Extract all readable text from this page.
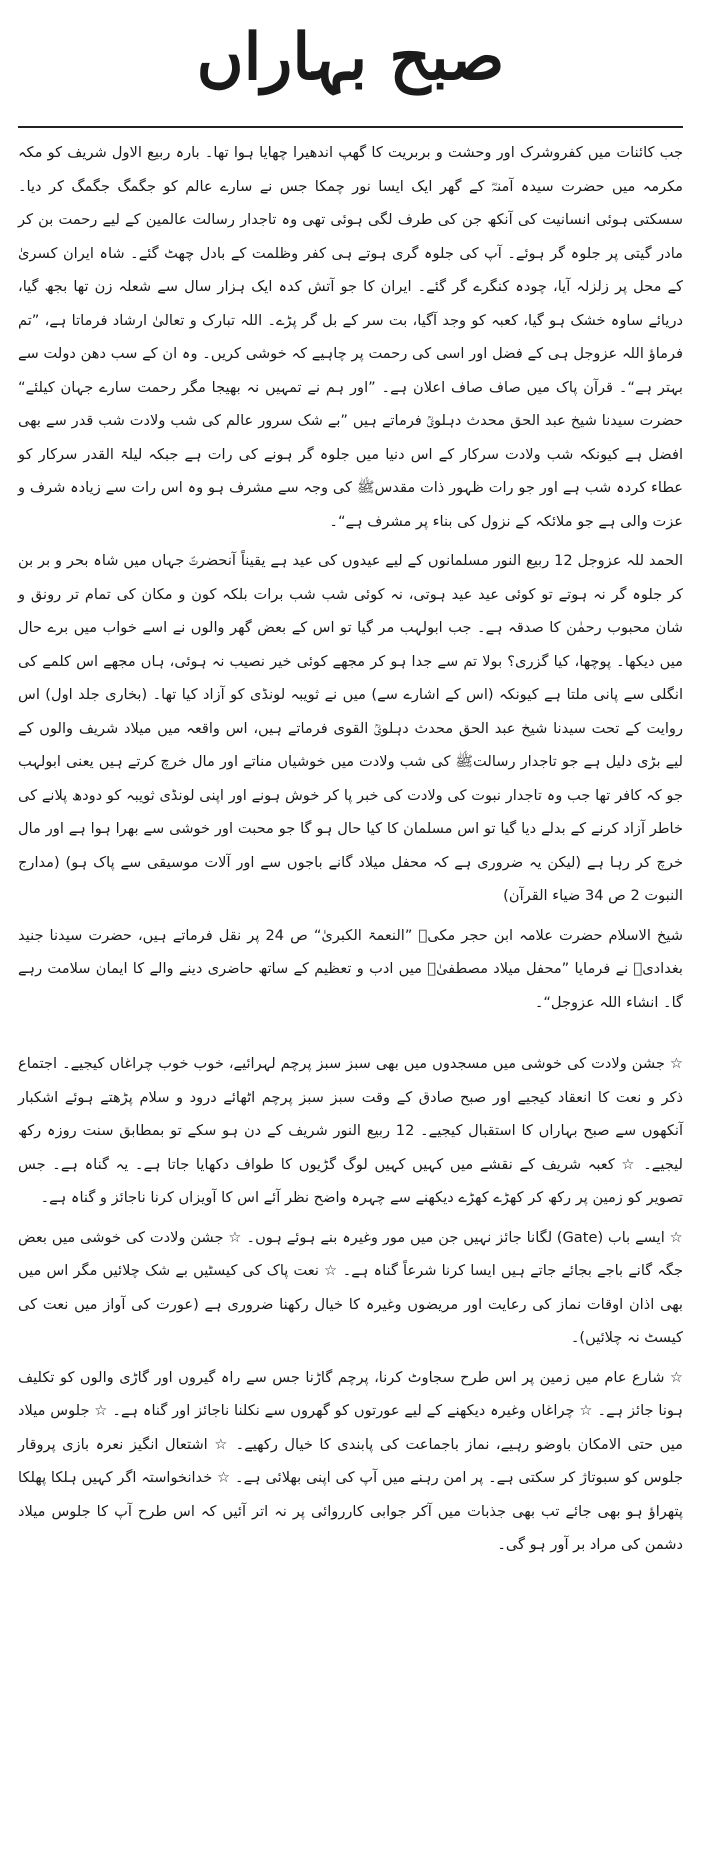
صبح بہاراں

جب کائنات میں کفروشرک اور وحشت و بربریت کا گھپ اندھیرا چھایا ہوا تھا۔ بارہ ربیع الاول شریف کو مکہ مکرمہ میں حضرت سیدہ آمنہؓ کے گھر ایک ایسا نور چمکا جس نے سارے عالم کو جگمگ جگمگ کر دیا۔ سسکتی ہوئی انسانیت کی آنکھ جن کی طرف لگی ہوئی تھی وہ تاجدار رسالت عالمین کے لیے رحمت بن کر مادر گیتی پر جلوہ گر ہوئے۔ آپ کی جلوہ گری ہوتے ہی کفر وظلمت کے بادل چھٹ گئے۔ شاہ ایران کسریٰ کے محل پر زلزلہ آیا، چودہ کنگرے گر گئے۔ ایران کا جو آتش کدہ ایک ہزار سال سے شعلہ زن تھا بجھ گیا، دریائے ساوہ خشک ہو گیا، کعبہ کو وجد آگیا، بت سر کے بل گر پڑے۔ اللہ تبارک و تعالیٰ ارشاد فرماتا ہے، ”تم فرماؤ اللہ عزوجل ہی کے فضل اور اسی کی رحمت پر چاہیے کہ خوشی کریں۔ وہ ان کے سب دھن دولت سے بہتر ہے“۔ قرآن پاک میں صاف صاف اعلان ہے۔ ”اور ہم نے تمہیں نہ بھیجا مگر رحمت سارے جہان کیلئے“ حضرت سیدنا شیخ عبد الحق محدث دہلویؒ فرماتے ہیں ”بے شک سرور عالم کی شب ولادت شب قدر سے بھی افضل ہے کیونکہ شب ولادت سرکار کے اس دنیا میں جلوہ گر ہونے کی رات ہے جبکہ لیلۃ القدر سرکار کو عطاء کردہ شب ہے اور جو رات ظہور ذات مقدسﷺ کی وجہ سے مشرف ہو وہ اس رات سے زیادہ شرف و عزت والی ہے جو ملائکہ کے نزول کی بناء پر مشرف ہے“۔

الحمد للہ عزوجل 12 ربیع النور مسلمانوں کے لیے عیدوں کی عید ہے یقیناً آنحضرتؐ جہاں میں شاہ بحر و بر بن کر جلوہ گر نہ ہوتے تو کوئی عید عید ہوتی، نہ کوئی شب شب برات بلکہ کون و مکان کی تمام تر رونق و شان محبوب رحمٰن کا صدقہ ہے۔ جب ابولہب مر گیا تو اس کے بعض گھر والوں نے اسے خواب میں برے حال میں دیکھا۔ پوچھا، کیا گزری؟ بولا تم سے جدا ہو کر مجھے کوئی خیر نصیب نہ ہوئی، ہاں مجھے اس کلمے کی انگلی سے پانی ملتا ہے کیونکہ (اس کے اشارے سے) میں نے ثویبہ لونڈی کو آزاد کیا تھا۔ (بخاری جلد اول) اس روایت کے تحت سیدنا شیخ عبد الحق محدث دہلویؒ القوی فرماتے ہیں، اس واقعہ میں میلاد شریف والوں کے لیے بڑی دلیل ہے جو تاجدار رسالتﷺ کی شب ولادت میں خوشیاں مناتے اور مال خرچ کرتے ہیں یعنی ابولہب جو کہ کافر تھا جب وہ تاجدار نبوت کی ولادت کی خبر پا کر خوش ہونے اور اپنی لونڈی ثویبہ کو دودھ پلانے کی خاطر آزاد کرنے کے بدلے دیا گیا تو اس مسلمان کا کیا حال ہو گا جو محبت اور خوشی سے بھرا ہوا ہے اور مال خرچ کر رہا ہے (لیکن یہ ضروری ہے کہ محفل میلاد گانے باجوں سے اور آلات موسیقی سے پاک ہو) (مدارج النبوت 2 ص 34 ضیاء القرآن)

شیخ الاسلام حضرت علامہ ابن حجر مکیؒ ”النعمۃ الکبریٰ“ ص 24 پر نقل فرماتے ہیں، حضرت سیدنا جنید بغدادیؒ نے فرمایا ”محفل میلاد مصطفیٰؐ میں ادب و تعظیم کے ساتھ حاضری دینے والے کا ایمان سلامت رہے گا۔ انشاء اللہ عزوجل“۔

☆ جشن ولادت کی خوشی میں مسجدوں میں بھی سبز سبز پرچم لہرائیے، خوب خوب چراغاں کیجیے۔ اجتماع ذکر و نعت کا انعقاد کیجیے اور صبح صادق کے وقت سبز سبز پرچم اٹھائے درود و سلام پڑھتے ہوئے اشکبار آنکھوں سے صبح بہاراں کا استقبال کیجیے۔ 12 ربیع النور شریف کے دن ہو سکے تو بمطابق سنت روزہ رکھ لیجیے۔ ☆ کعبہ شریف کے نقشے میں کہیں کہیں لوگ گڑیوں کا طواف دکھایا جاتا ہے۔ یہ گناہ ہے۔ جس تصویر کو زمین پر رکھ کر کھڑے کھڑے دیکھنے سے چہرہ واضح نظر آئے اس کا آویزاں کرنا ناجائز و گناہ ہے۔

☆ ایسے باب (Gate) لگانا جائز نہیں جن میں مور وغیرہ بنے ہوئے ہوں۔ ☆ جشن ولادت کی خوشی میں بعض جگہ گانے باجے بجائے جاتے ہیں ایسا کرنا شرعاً گناہ ہے۔ ☆ نعت پاک کی کیسٹیں بے شک چلائیں مگر اس میں بھی اذان اوقات نماز کی رعایت اور مریضوں وغیرہ کا خیال رکھنا ضروری ہے (عورت کی آواز میں نعت کی کیسٹ نہ چلائیں)۔

☆ شارع عام میں زمین پر اس طرح سجاوٹ کرنا، پرچم گاڑنا جس سے راہ گیروں اور گاڑی والوں کو تکلیف ہونا جائز ہے۔ ☆ چراغاں وغیرہ دیکھنے کے لیے عورتوں کو گھروں سے نکلنا ناجائز اور گناہ ہے۔ ☆ جلوس میلاد میں حتی الامکان باوضو رہیے، نماز باجماعت کی پابندی کا خیال رکھیے۔ ☆ اشتعال انگیز نعرہ بازی پروقار جلوس کو سبوتاژ کر سکتی ہے۔ پر امن رہنے میں آپ کی اپنی بھلائی ہے۔ ☆ خدانخواستہ اگر کہیں ہلکا پھلکا پتھراؤ ہو بھی جائے تب بھی جذبات میں آکر جوابی کارروائی پر نہ اتر آئیں کہ اس طرح آپ کا جلوس میلاد دشمن کی مراد بر آور ہو گی۔
